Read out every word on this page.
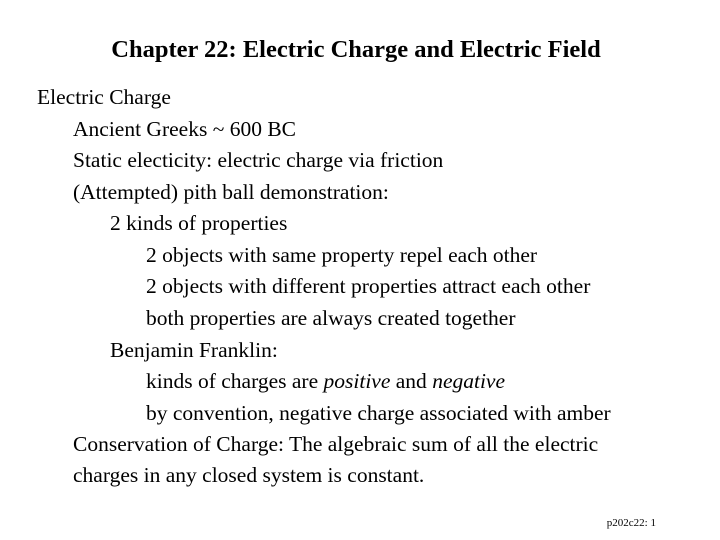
Chapter 22: Electric Charge and Electric Field
Electric Charge
Ancient Greeks ~ 600 BC
Static electicity: electric charge via friction
(Attempted) pith ball demonstration:
2 kinds of properties
2 objects with same property repel each other
2 objects with different properties attract each other
both properties are always created together
Benjamin Franklin:
kinds of charges are positive and negative
by convention, negative charge associated with amber
Conservation of Charge: The algebraic sum of all the electric
charges in any closed system is constant.
p202c22: 1
